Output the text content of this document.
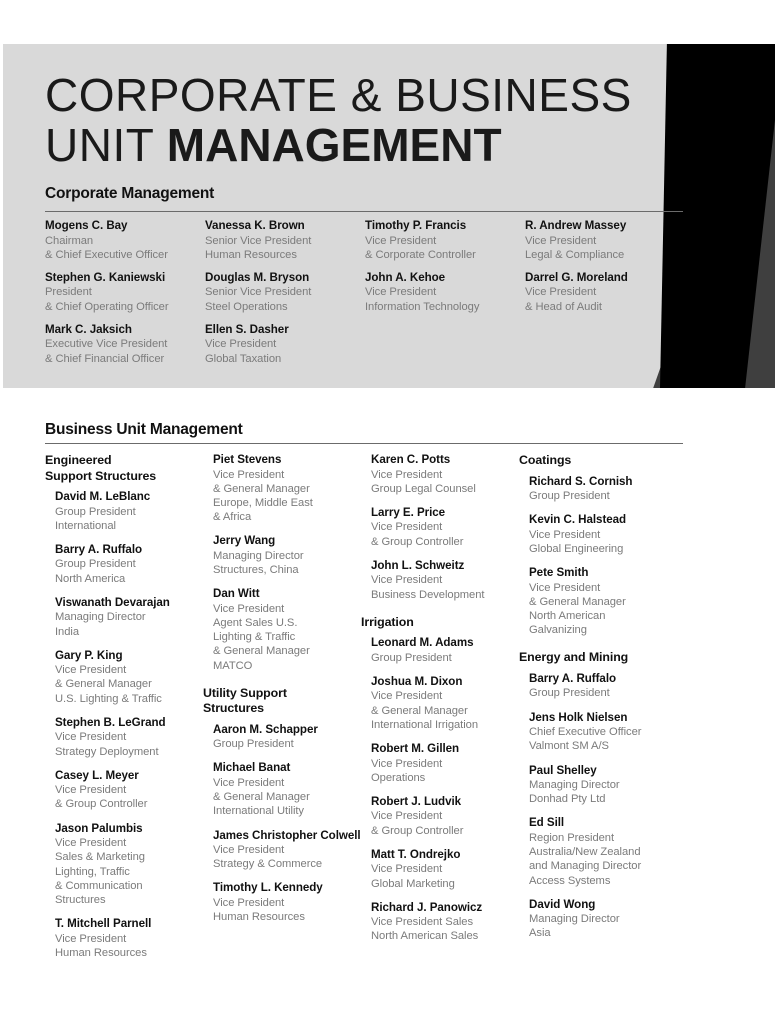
CORPORATE & BUSINESS
UNIT MANAGEMENT
Corporate Management
Mogens C. Bay
Chairman
& Chief Executive Officer
Stephen G. Kaniewski
President
& Chief Operating Officer
Mark C. Jaksich
Executive Vice President
& Chief Financial Officer
Vanessa K. Brown
Senior Vice President
Human Resources
Douglas M. Bryson
Senior Vice President
Steel Operations
Ellen S. Dasher
Vice President
Global Taxation
Timothy P. Francis
Vice President
& Corporate Controller
John A. Kehoe
Vice President
Information Technology
R. Andrew Massey
Vice President
Legal & Compliance
Darrel G. Moreland
Vice President
& Head of Audit
Business Unit Management
Engineered
Support Structures
David M. LeBlanc
Group President
International
Barry A. Ruffalo
Group President
North America
Viswanath Devarajan
Managing Director
India
Gary P. King
Vice President
& General Manager
U.S. Lighting & Traffic
Stephen B. LeGrand
Vice President
Strategy Deployment
Casey L. Meyer
Vice President
& Group Controller
Jason Palumbis
Vice President
Sales & Marketing
Lighting, Traffic
& Communication
Structures
T. Mitchell Parnell
Vice President
Human Resources
Piet Stevens
Vice President
& General Manager
Europe, Middle East
& Africa
Jerry Wang
Managing Director
Structures, China
Dan Witt
Vice President
Agent Sales U.S.
Lighting & Traffic
& General Manager
MATCO
Utility Support
Structures
Aaron M. Schapper
Group President
Michael Banat
Vice President
& General Manager
International Utility
James Christopher Colwell
Vice President
Strategy & Commerce
Timothy L. Kennedy
Vice President
Human Resources
Karen C. Potts
Vice President
Group Legal Counsel
Larry E. Price
Vice President
& Group Controller
John L. Schweitz
Vice President
Business Development
Irrigation
Leonard M. Adams
Group President
Joshua M. Dixon
Vice President
& General Manager
International Irrigation
Robert M. Gillen
Vice President
Operations
Robert J. Ludvik
Vice President
& Group Controller
Matt T. Ondrejko
Vice President
Global Marketing
Richard J. Panowicz
Vice President Sales
North American Sales
Coatings
Richard S. Cornish
Group President
Kevin C. Halstead
Vice President
Global Engineering
Pete Smith
Vice President
& General Manager
North American
Galvanizing
Energy and Mining
Barry A. Ruffalo
Group President
Jens Holk Nielsen
Chief Executive Officer
Valmont SM A/S
Paul Shelley
Managing Director
Donhad Pty Ltd
Ed Sill
Region President
Australia/New Zealand
and Managing Director
Access Systems
David Wong
Managing Director
Asia
